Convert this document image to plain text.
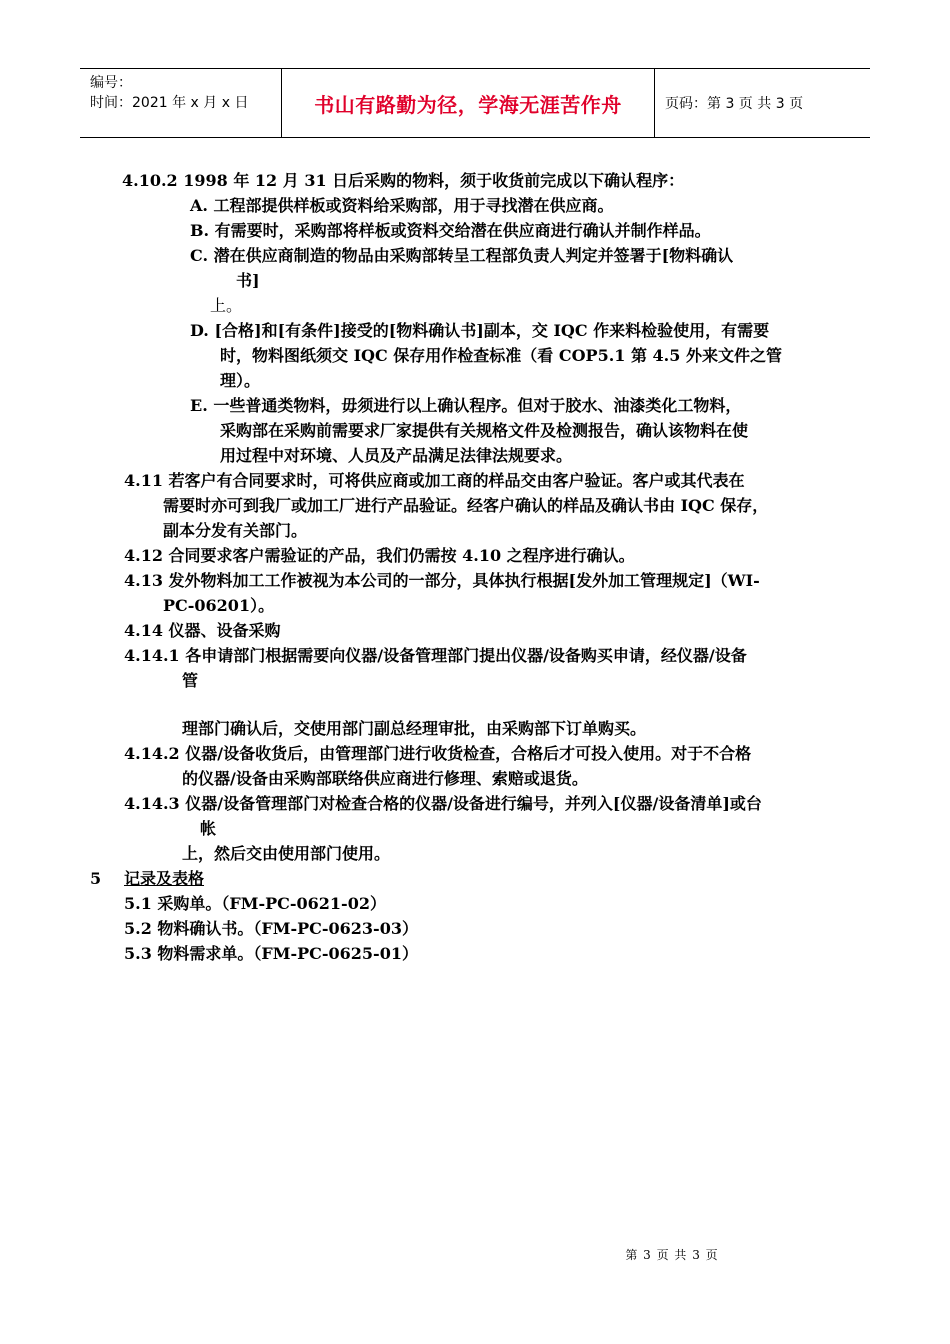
编号：
时间：2021 年 x 月 x 日	书山有路勤为径，学海无涯苦作舟	页码：第 3 页 共 3 页
4.10.2 1998 年 12 月 31 日后采购的物料，须于收货前完成以下确认程序：
A. 工程部提供样板或资料给采购部，用于寻找潜在供应商。
B. 有需要时，采购部将样板或资料交给潜在供应商进行确认并制作样品。
C. 潜在供应商制造的物品由采购部转呈工程部负责人判定并签署于[物料确认
书]
上。
D. [合格]和[有条件]接受的[物料确认书]副本，交 IQC 作来料检验使用，有需要
时，物料图纸须交 IQC 保存用作检查标准（看 COP5.1 第 4.5 外来文件之管
理）。
E. 一些普通类物料，毋须进行以上确认程序。但对于胶水、油漆类化工物料，
采购部在采购前需要求厂家提供有关规格文件及检测报告，确认该物料在使
用过程中对环境、人员及产品满足法律法规要求。
4.11 若客户有合同要求时，可将供应商或加工商的样品交由客户验证。客户或其代表在
需要时亦可到我厂或加工厂进行产品验证。经客户确认的样品及确认书由 IQC 保存，
副本分发有关部门。
4.12 合同要求客户需验证的产品，我们仍需按 4.10 之程序进行确认。
4.13 发外物料加工工作被视为本公司的一部分，具体执行根据[发外加工管理规定]（WI-
PC-06201）。
4.14 仪器、设备采购
4.14.1 各申请部门根据需要向仪器/设备管理部门提出仪器/设备购买申请，经仪器/设备
管
理部门确认后，交使用部门副总经理审批，由采购部下订单购买。
4.14.2 仪器/设备收货后，由管理部门进行收货检查，合格后才可投入使用。对于不合格
的仪器/设备由采购部联络供应商进行修理、索赔或退货。
4.14.3 仪器/设备管理部门对检查合格的仪器/设备进行编号，并列入[仪器/设备清单]或台
帐
上，然后交由使用部门使用。
5 记录及表格
5.1 采购单。（FM-PC-0621-02）
5.2 物料确认书。（FM-PC-0623-03）
5.3 物料需求单。（FM-PC-0625-01）
第 3 页 共 3 页
